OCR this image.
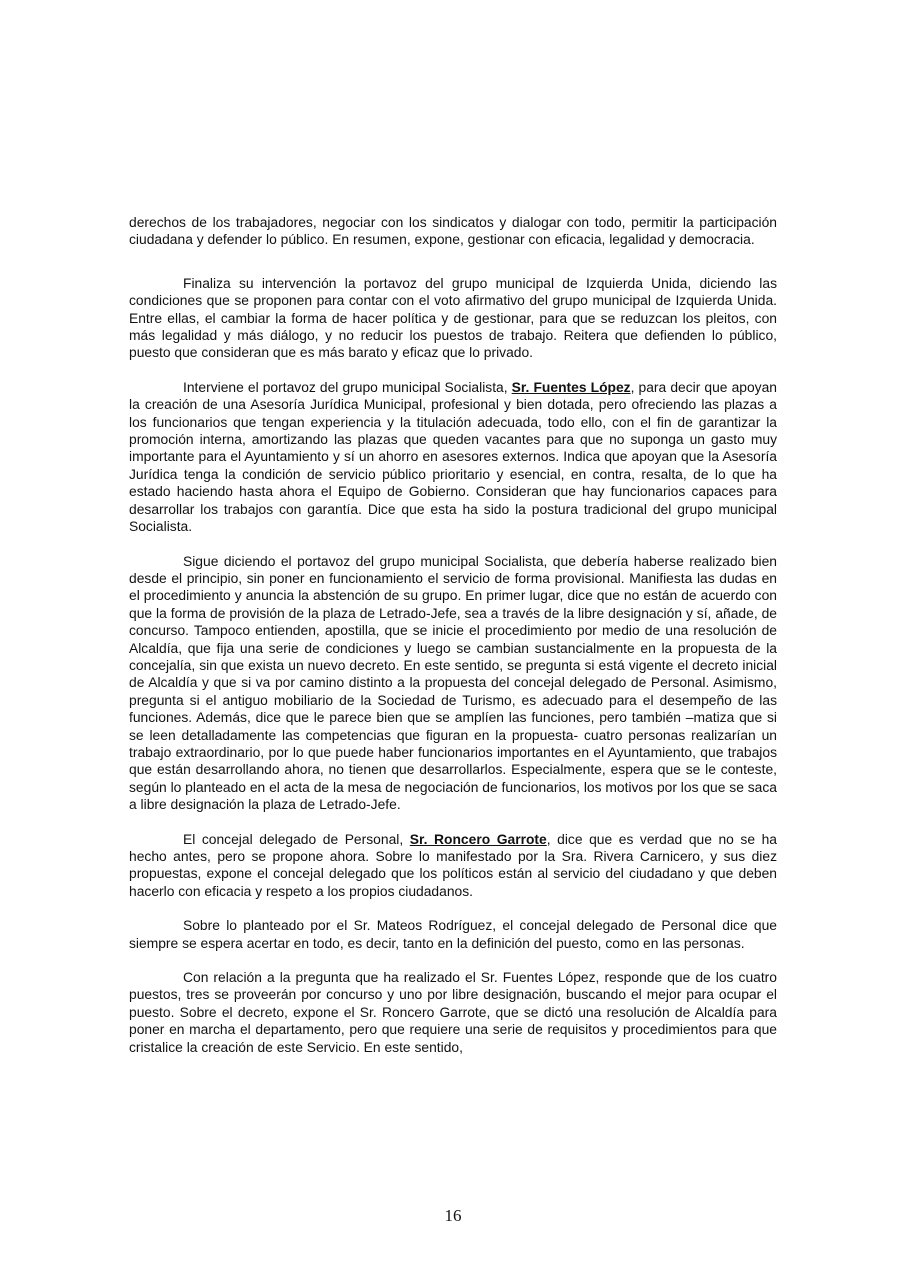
derechos de los trabajadores, negociar con los sindicatos y dialogar con todo, permitir la participación ciudadana y defender lo público. En resumen, expone, gestionar con eficacia, legalidad y democracia.

Finaliza su intervención la portavoz del grupo municipal de Izquierda Unida, diciendo las condiciones que se proponen para contar con el voto afirmativo del grupo municipal de Izquierda Unida. Entre ellas, el cambiar la forma de hacer política y de gestionar, para que se reduzcan los pleitos, con más legalidad y más diálogo, y no reducir los puestos de trabajo. Reitera que defienden lo público, puesto que consideran que es más barato y eficaz que lo privado.

Interviene el portavoz del grupo municipal Socialista, Sr. Fuentes López, para decir que apoyan la creación de una Asesoría Jurídica Municipal, profesional y bien dotada, pero ofreciendo las plazas a los funcionarios que tengan experiencia y la titulación adecuada, todo ello, con el fin de garantizar la promoción interna, amortizando las plazas que queden vacantes para que no suponga un gasto muy importante para el Ayuntamiento y sí un ahorro en asesores externos. Indica que apoyan que la Asesoría Jurídica tenga la condición de servicio público prioritario y esencial, en contra, resalta, de lo que ha estado haciendo hasta ahora el Equipo de Gobierno. Consideran que hay funcionarios capaces para desarrollar los trabajos con garantía. Dice que esta ha sido la postura tradicional del grupo municipal Socialista.

Sigue diciendo el portavoz del grupo municipal Socialista, que debería haberse realizado bien desde el principio, sin poner en funcionamiento el servicio de forma provisional. Manifiesta las dudas en el procedimiento y anuncia la abstención de su grupo. En primer lugar, dice que no están de acuerdo con que la forma de provisión de la plaza de Letrado-Jefe, sea a través de la libre designación y sí, añade, de concurso. Tampoco entienden, apostilla, que se inicie el procedimiento por medio de una resolución de Alcaldía, que fija una serie de condiciones y luego se cambian sustancialmente en la propuesta de la concejalía, sin que exista un nuevo decreto. En este sentido, se pregunta si está vigente el decreto inicial de Alcaldía y que si va por camino distinto a la propuesta del concejal delegado de Personal. Asimismo, pregunta si el antiguo mobiliario de la Sociedad de Turismo, es adecuado para el desempeño de las funciones. Además, dice que le parece bien que se amplíen las funciones, pero también –matiza que si se leen detalladamente las competencias que figuran en la propuesta- cuatro personas realizarían un trabajo extraordinario, por lo que puede haber funcionarios importantes en el Ayuntamiento, que trabajos que están desarrollando ahora, no tienen que desarrollarlos. Especialmente, espera que se le conteste, según lo planteado en el acta de la mesa de negociación de funcionarios, los motivos por los que se saca a libre designación la plaza de Letrado-Jefe.

El concejal delegado de Personal, Sr. Roncero Garrote, dice que es verdad que no se ha hecho antes, pero se propone ahora. Sobre lo manifestado por la Sra. Rivera Carnicero, y sus diez propuestas, expone el concejal delegado que los políticos están al servicio del ciudadano y que deben hacerlo con eficacia y respeto a los propios ciudadanos.

Sobre lo planteado por el Sr. Mateos Rodríguez, el concejal delegado de Personal dice que siempre se espera acertar en todo, es decir, tanto en la definición del puesto, como en las personas.

Con relación a la pregunta que ha realizado el Sr. Fuentes López, responde que de los cuatro puestos, tres se proveerán por concurso y uno por libre designación, buscando el mejor para ocupar el puesto. Sobre el decreto, expone el Sr. Roncero Garrote, que se dictó una resolución de Alcaldía para poner en marcha el departamento, pero que requiere una serie de requisitos y procedimientos para que cristalice la creación de este Servicio. En este sentido,

16
